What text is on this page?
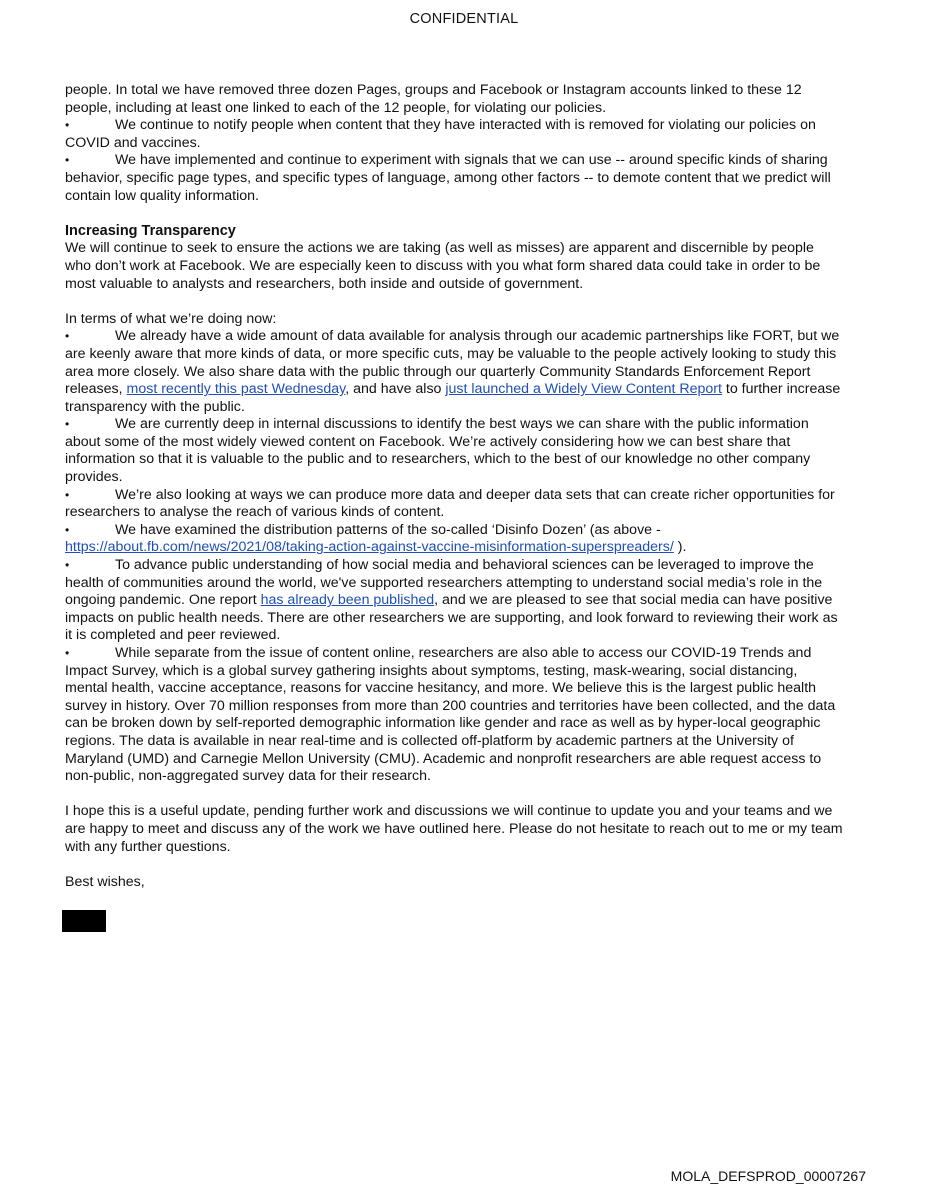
CONFIDENTIAL

people. In total we have removed three dozen Pages, groups and Facebook or Instagram accounts linked to these 12 people, including at least one linked to each of the 12 people, for violating our policies.

•	We continue to notify people when content that they have interacted with is removed for violating our policies on COVID and vaccines.

•	We have implemented and continue to experiment with signals that we can use -- around specific kinds of sharing behavior, specific page types, and specific types of language, among other factors -- to demote content that we predict will contain low quality information.

Increasing Transparency

We will continue to seek to ensure the actions we are taking (as well as misses) are apparent and discernible by people who don’t work at Facebook. We are especially keen to discuss with you what form shared data could take in order to be most valuable to analysts and researchers, both inside and outside of government.

In terms of what we’re doing now:

•	We already have a wide amount of data available for analysis through our academic partnerships like FORT, but we are keenly aware that more kinds of data, or more specific cuts, may be valuable to the people actively looking to study this area more closely. We also share data with the public through our quarterly Community Standards Enforcement Report releases, most recently this past Wednesday, and have also just launched a Widely View Content Report to further increase transparency with the public.

•	We are currently deep in internal discussions to identify the best ways we can share with the public information about some of the most widely viewed content on Facebook. We’re actively considering how we can best share that information so that it is valuable to the public and to researchers, which to the best of our knowledge no other company provides.

•	We’re also looking at ways we can produce more data and deeper data sets that can create richer opportunities for researchers to analyse the reach of various kinds of content.

•	We have examined the distribution patterns of the so-called ‘Disinfo Dozen’ (as above - https://about.fb.com/news/2021/08/taking-action-against-vaccine-misinformation-superspreaders/ ).

•	To advance public understanding of how social media and behavioral sciences can be leveraged to improve the health of communities around the world, we've supported researchers attempting to understand social media’s role in the ongoing pandemic. One report has already been published, and we are pleased to see that social media can have positive impacts on public health needs. There are other researchers we are supporting, and look forward to reviewing their work as it is completed and peer reviewed.

•	While separate from the issue of content online, researchers are also able to access our COVID-19 Trends and Impact Survey, which is a global survey gathering insights about symptoms, testing, mask-wearing, social distancing, mental health, vaccine acceptance, reasons for vaccine hesitancy, and more. We believe this is the largest public health survey in history. Over 70 million responses from more than 200 countries and territories have been collected, and the data can be broken down by self-reported demographic information like gender and race as well as by hyper-local geographic regions. The data is available in near real-time and is collected off-platform by academic partners at the University of Maryland (UMD) and Carnegie Mellon University (CMU). Academic and nonprofit researchers are able request access to non-public, non-aggregated survey data for their research.

I hope this is a useful update, pending further work and discussions we will continue to update you and your teams and we are happy to meet and discuss any of the work we have outlined here. Please do not hesitate to reach out to me or my team with any further questions.

Best wishes,

MOLA_DEFSPROD_00007267
